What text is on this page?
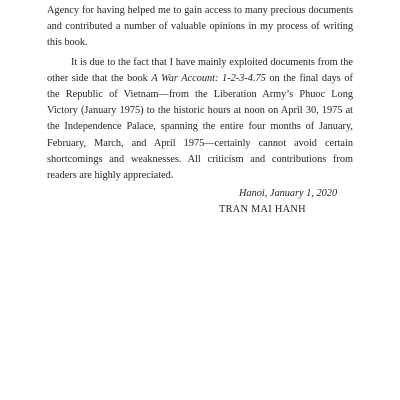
Agency for having helped me to gain access to many precious documents and contributed a number of valuable opinions in my process of writing this book.

It is due to the fact that I have mainly exploited documents from the other side that the book A War Account: 1-2-3-4.75 on the final days of the Republic of Vietnam—from the Liberation Army’s Phuoc Long Victory (January 1975) to the historic hours at noon on April 30, 1975 at the Independence Palace, spanning the entire four months of January, February, March, and April 1975—certainly cannot avoid certain shortcomings and weaknesses. All criticism and contributions from readers are highly appreciated.

Hanoi, January 1, 2020
TRAN MAI HANH
